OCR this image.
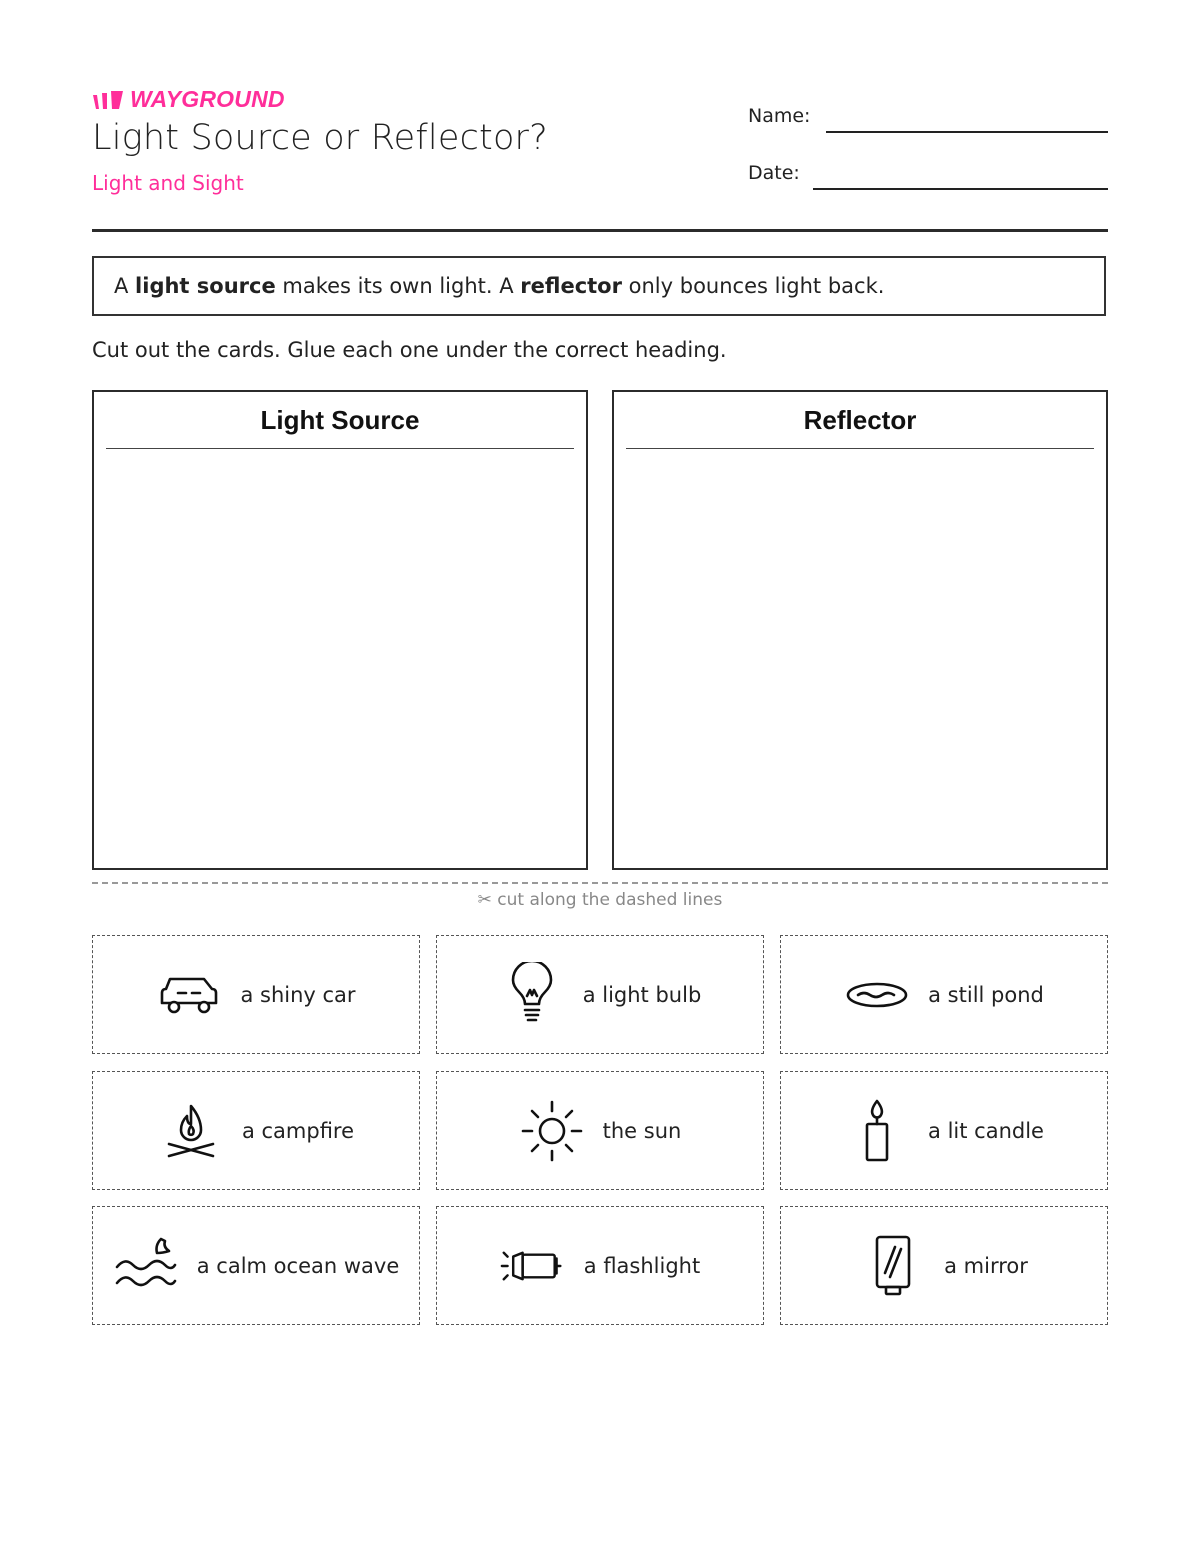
WAYGROUND
Light Source or Reflector?
Light and Sight
Name:
Date:
A light source makes its own light. A reflector only bounces light back.
Cut out the cards. Glue each one under the correct heading.
Light Source	Reflector
✂ cut along the dashed lines
a shiny car	a light bulb	a still pond
a campfire	the sun	a lit candle
a calm ocean wave	a flashlight	a mirror
